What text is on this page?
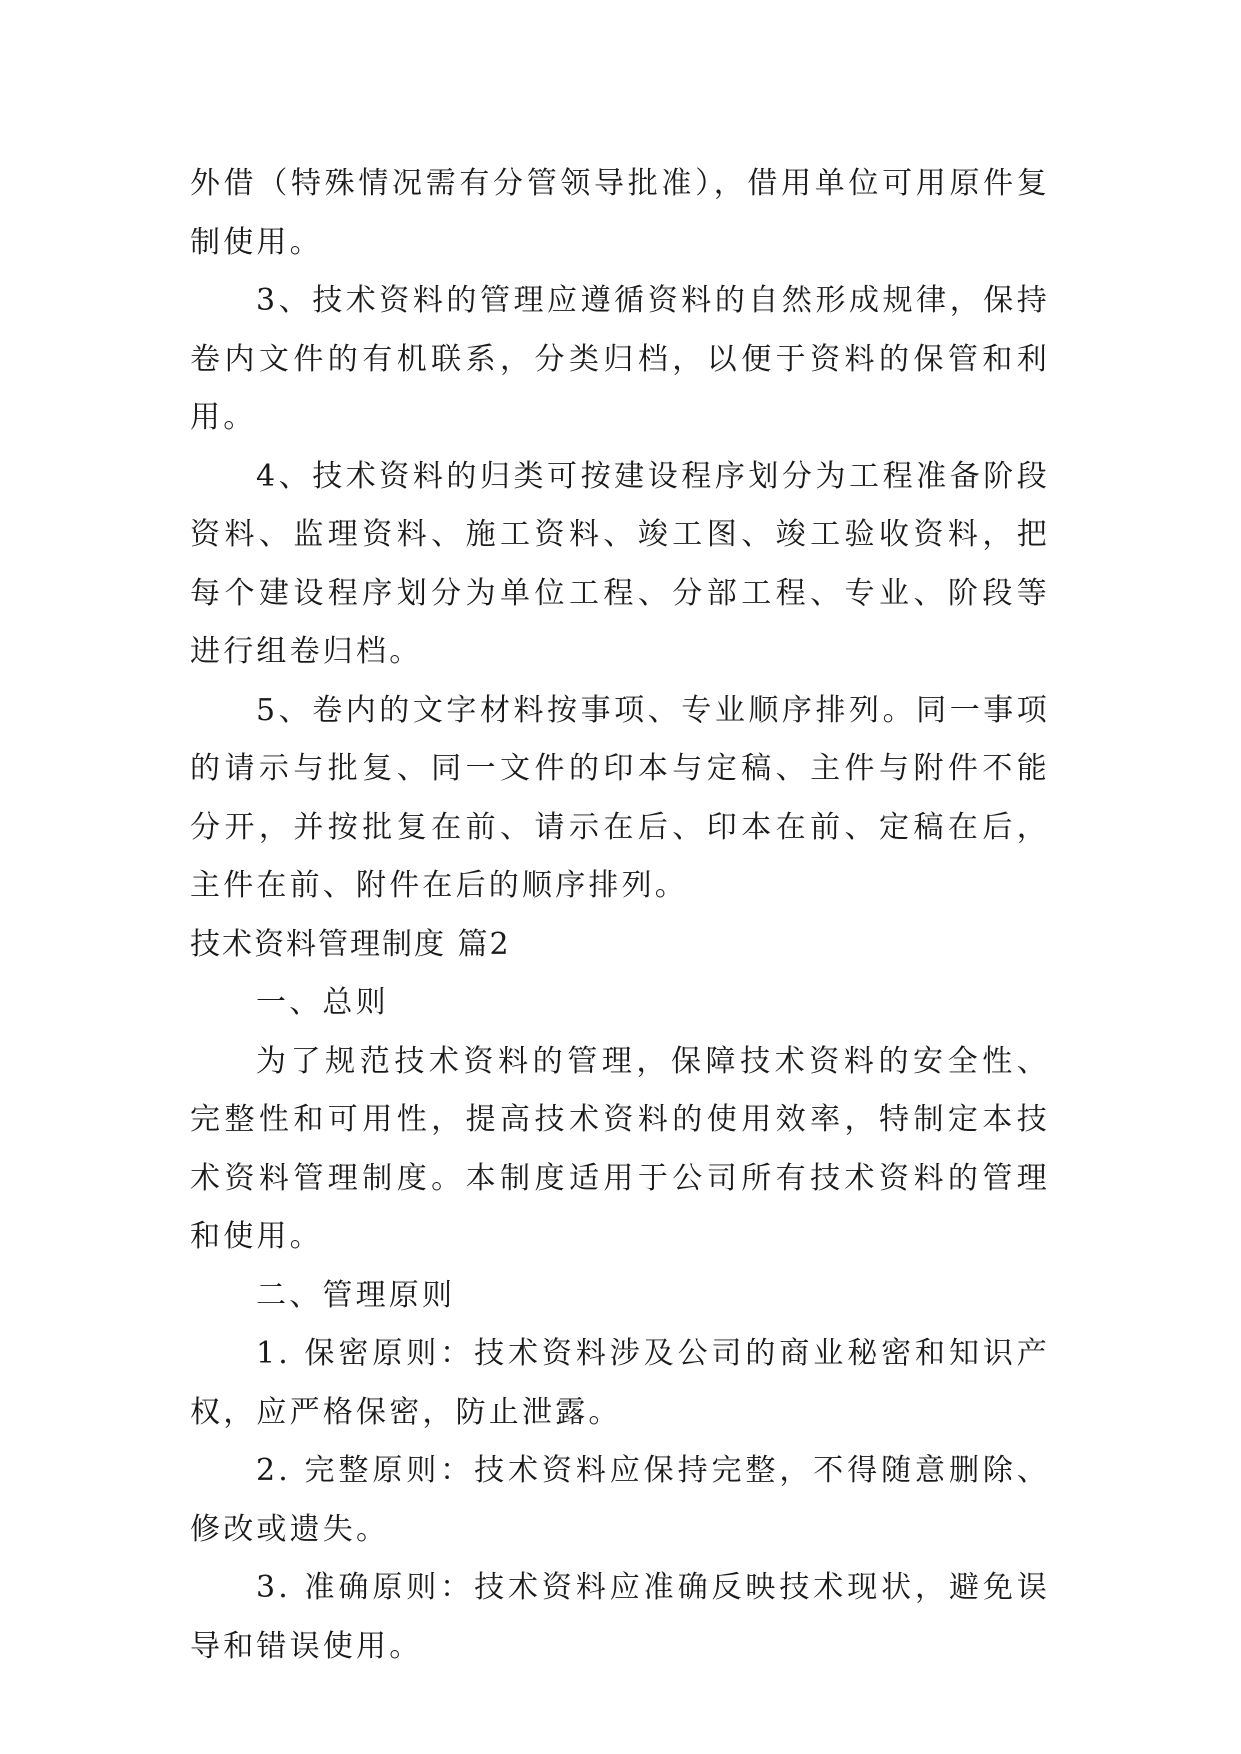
外借（特殊情况需有分管领导批准），借用单位可用原件复制使用。

3、技术资料的管理应遵循资料的自然形成规律，保持卷内文件的有机联系，分类归档，以便于资料的保管和利用。

4、技术资料的归类可按建设程序划分为工程准备阶段资料、监理资料、施工资料、竣工图、竣工验收资料，把每个建设程序划分为单位工程、分部工程、专业、阶段等进行组卷归档。

5、卷内的文字材料按事项、专业顺序排列。同一事项的请示与批复、同一文件的印本与定稿、主件与附件不能分开，并按批复在前、请示在后、印本在前、定稿在后，主件在前、附件在后的顺序排列。

技术资料管理制度 篇2

一、总则

为了规范技术资料的管理，保障技术资料的安全性、完整性和可用性，提高技术资料的使用效率，特制定本技术资料管理制度。本制度适用于公司所有技术资料的管理和使用。

二、管理原则

1. 保密原则：技术资料涉及公司的商业秘密和知识产权，应严格保密，防止泄露。

2. 完整原则：技术资料应保持完整，不得随意删除、修改或遗失。

3. 准确原则：技术资料应准确反映技术现状，避免误导和错误使用。
